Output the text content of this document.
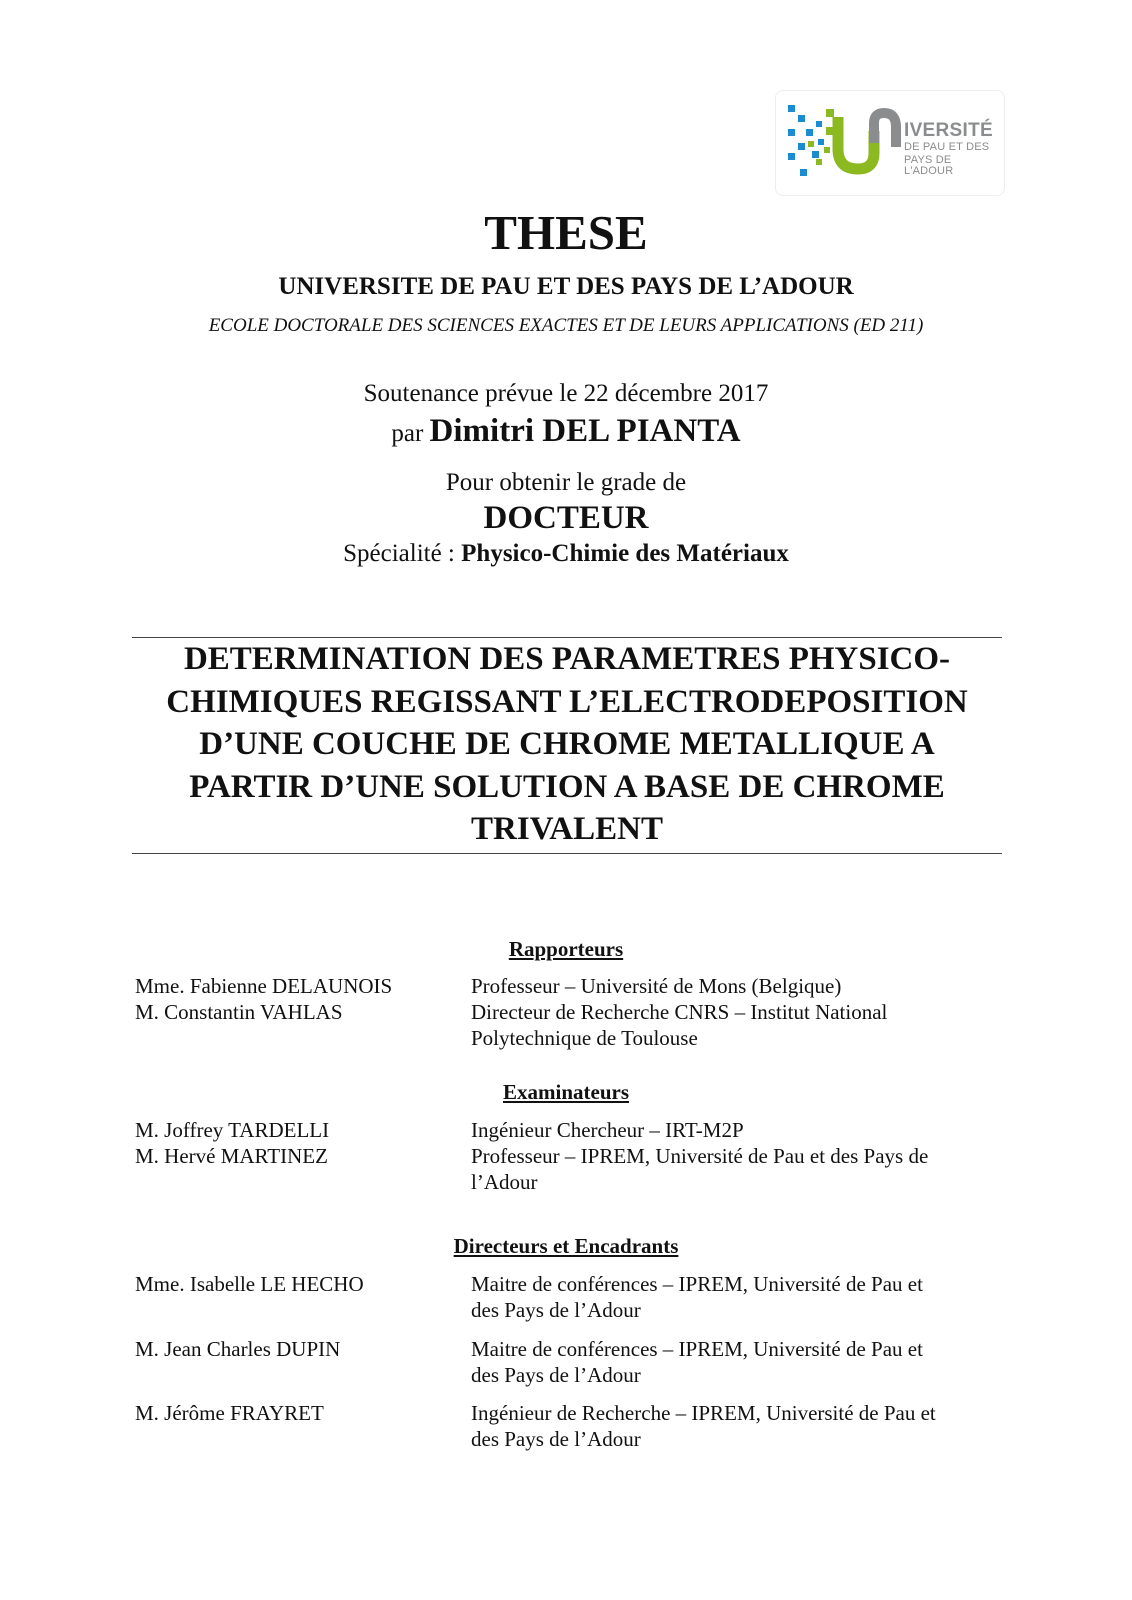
IVERSITÉ
DE PAU ET DES
PAYS DE L'ADOUR
THESE
UNIVERSITE DE PAU ET DES PAYS DE L’ADOUR
ECOLE DOCTORALE DES SCIENCES EXACTES ET DE LEURS APPLICATIONS (ED 211)
Soutenance prévue le 22 décembre 2017
par Dimitri DEL PIANTA
Pour obtenir le grade de
DOCTEUR
Spécialité : Physico-Chimie des Matériaux
DETERMINATION DES PARAMETRES PHYSICO-
CHIMIQUES REGISSANT L’ELECTRODEPOSITION
D’UNE COUCHE DE CHROME METALLIQUE A
PARTIR D’UNE SOLUTION A BASE DE CHROME
TRIVALENT
Rapporteurs
Mme. Fabienne DELAUNOIS	Professeur – Université de Mons (Belgique)
M. Constantin VAHLAS	Directeur de Recherche CNRS – Institut National
Polytechnique de Toulouse
Examinateurs
M. Joffrey TARDELLI	Ingénieur Chercheur – IRT-M2P
M. Hervé MARTINEZ	Professeur – IPREM, Université de Pau et des Pays de
l’Adour
Directeurs et Encadrants
Mme. Isabelle LE HECHO	Maitre de conférences – IPREM, Université de Pau et
des Pays de l’Adour
M. Jean Charles DUPIN	Maitre de conférences – IPREM, Université de Pau et
des Pays de l’Adour
M. Jérôme FRAYRET	Ingénieur de Recherche – IPREM, Université de Pau et
des Pays de l’Adour
